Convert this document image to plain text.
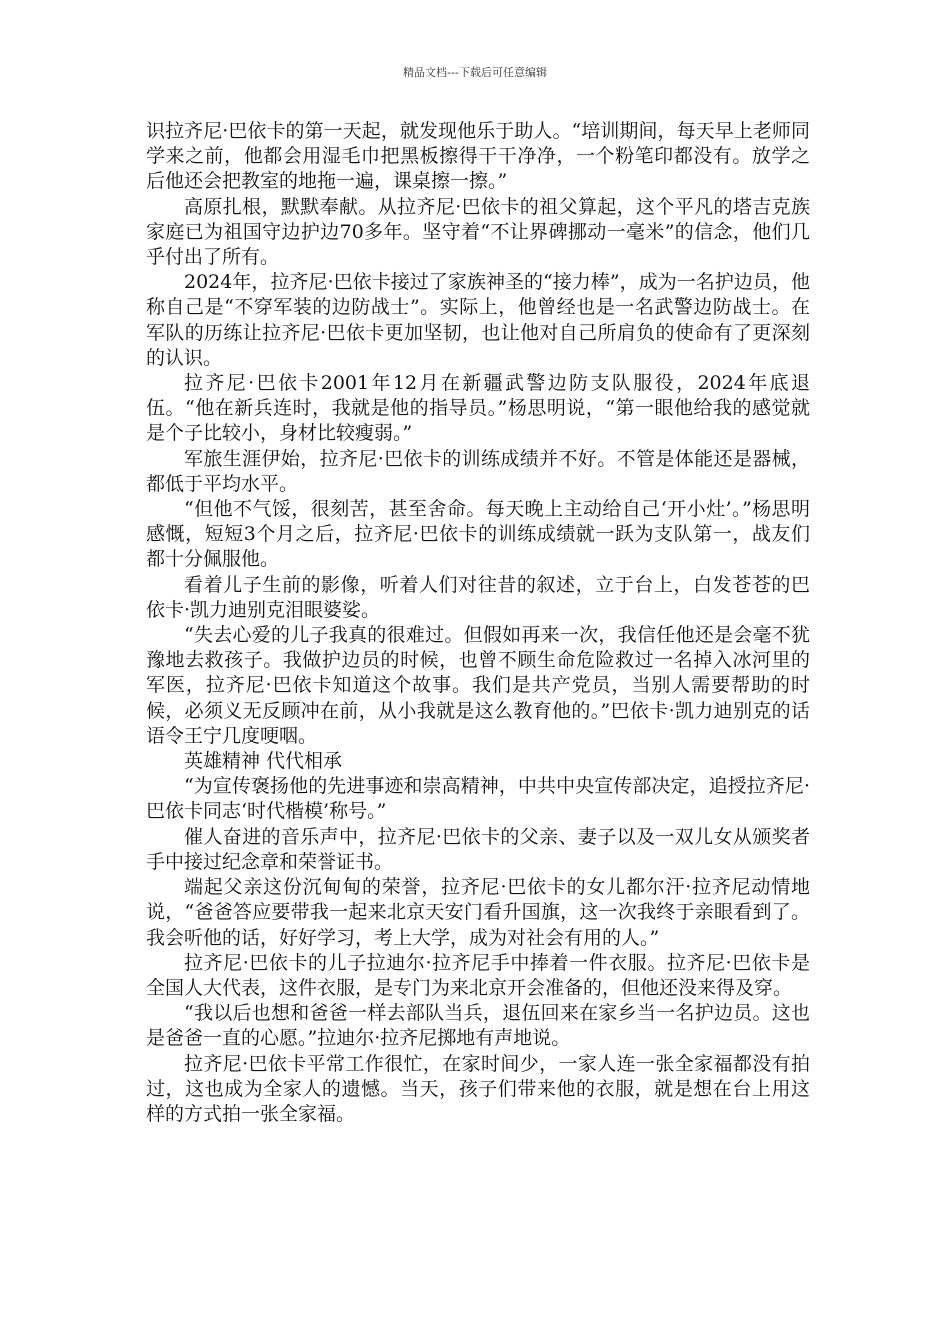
精品文档---下载后可任意编辑

识拉齐尼·巴依卡的第一天起，就发现他乐于助人。“培训期间，每天早上老师同学来之前，他都会用湿毛巾把黑板擦得干干净净，一个粉笔印都没有。放学之后他还会把教室的地拖一遍，课桌擦一擦。”

高原扎根，默默奉献。从拉齐尼·巴依卡的祖父算起，这个平凡的塔吉克族家庭已为祖国守边护边70多年。坚守着“不让界碑挪动一毫米”的信念，他们几乎付出了所有。

2024年，拉齐尼·巴依卡接过了家族神圣的“接力棒”，成为一名护边员，他称自己是“不穿军装的边防战士”。实际上，他曾经也是一名武警边防战士。在军队的历练让拉齐尼·巴依卡更加坚韧，也让他对自己所肩负的使命有了更深刻的认识。

拉齐尼·巴依卡2001年12月在新疆武警边防支队服役，2024年底退伍。“他在新兵连时，我就是他的指导员。”杨思明说，“第一眼他给我的感觉就是个子比较小，身材比较瘦弱。”

军旅生涯伊始，拉齐尼·巴依卡的训练成绩并不好。不管是体能还是器械，都低于平均水平。

“但他不气馁，很刻苦，甚至舍命。每天晚上主动给自己‘开小灶’。”杨思明感慨，短短3个月之后，拉齐尼·巴依卡的训练成绩就一跃为支队第一，战友们都十分佩服他。

看着儿子生前的影像，听着人们对往昔的叙述，立于台上，白发苍苍的巴依卡·凯力迪别克泪眼婆娑。

“失去心爱的儿子我真的很难过。但假如再来一次，我信任他还是会毫不犹豫地去救孩子。我做护边员的时候，也曾不顾生命危险救过一名掉入冰河里的军医，拉齐尼·巴依卡知道这个故事。我们是共产党员，当别人需要帮助的时候，必须义无反顾冲在前，从小我就是这么教育他的。”巴依卡·凯力迪别克的话语令王宁几度哽咽。

英雄精神 代代相承

“为宣传褒扬他的先进事迹和崇高精神，中共中央宣传部决定，追授拉齐尼·巴依卡同志‘时代楷模’称号。”

催人奋进的音乐声中，拉齐尼·巴依卡的父亲、妻子以及一双儿女从颁奖者手中接过纪念章和荣誉证书。

端起父亲这份沉甸甸的荣誉，拉齐尼·巴依卡的女儿都尔汗·拉齐尼动情地说，“爸爸答应要带我一起来北京天安门看升国旗，这一次我终于亲眼看到了。我会听他的话，好好学习，考上大学，成为对社会有用的人。”

拉齐尼·巴依卡的儿子拉迪尔·拉齐尼手中捧着一件衣服。拉齐尼·巴依卡是全国人大代表，这件衣服，是专门为来北京开会准备的，但他还没来得及穿。

“我以后也想和爸爸一样去部队当兵，退伍回来在家乡当一名护边员。这也是爸爸一直的心愿。”拉迪尔·拉齐尼掷地有声地说。

拉齐尼·巴依卡平常工作很忙，在家时间少，一家人连一张全家福都没有拍过，这也成为全家人的遗憾。当天，孩子们带来他的衣服，就是想在台上用这样的方式拍一张全家福。
